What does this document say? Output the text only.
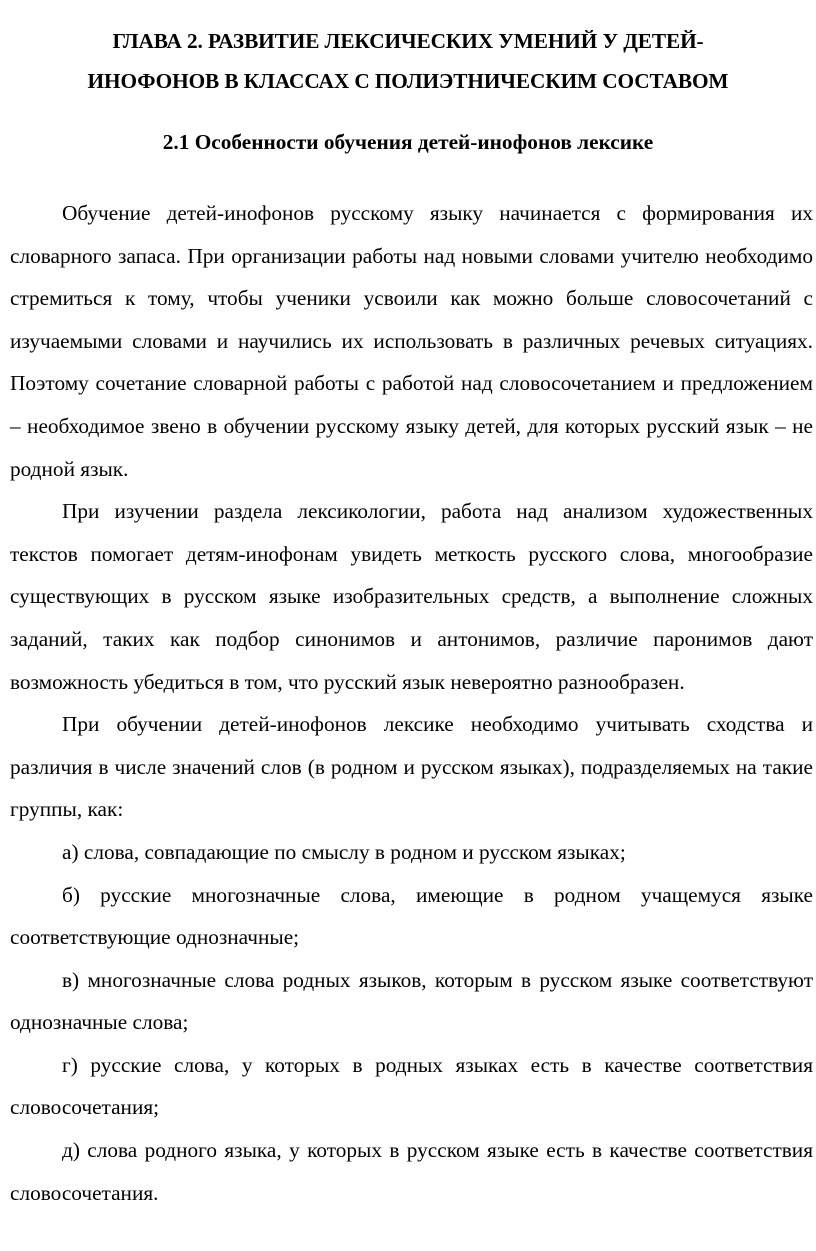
ГЛАВА 2. РАЗВИТИЕ ЛЕКСИЧЕСКИХ УМЕНИЙ У ДЕТЕЙ-
ИНОФОНОВ В КЛАССАХ С ПОЛИЭТНИЧЕСКИМ СОСТАВОМ
2.1 Особенности обучения детей-инофонов лексике

Обучение детей-инофонов русскому языку начинается с формирования их словарного запаса. При организации работы над новыми словами учителю необходимо стремиться к тому, чтобы ученики усвоили как можно больше словосочетаний с изучаемыми словами и научились их использовать в различных речевых ситуациях. Поэтому сочетание словарной работы с работой над словосочетанием и предложением – необходимое звено в обучении русскому языку детей, для которых русский язык – не родной язык.

При изучении раздела лексикологии, работа над анализом художественных текстов помогает детям-инофонам увидеть меткость русского слова, многообразие существующих в русском языке изобразительных средств, а выполнение сложных заданий, таких как подбор синонимов и антонимов, различие паронимов дают возможность убедиться в том, что русский язык невероятно разнообразен.

При обучении детей-инофонов лексике необходимо учитывать сходства и различия в числе значений слов (в родном и русском языках), подразделяемых на такие группы, как:

а) слова, совпадающие по смыслу в родном и русском языках;

б) русские многозначные слова, имеющие в родном учащемуся языке соответствующие однозначные;

в) многозначные слова родных языков, которым в русском языке соответствуют однозначные слова;

г) русские слова, у которых в родных языках есть в качестве соответствия словосочетания;

д) слова родного языка, у которых в русском языке есть в качестве соответствия словосочетания.
